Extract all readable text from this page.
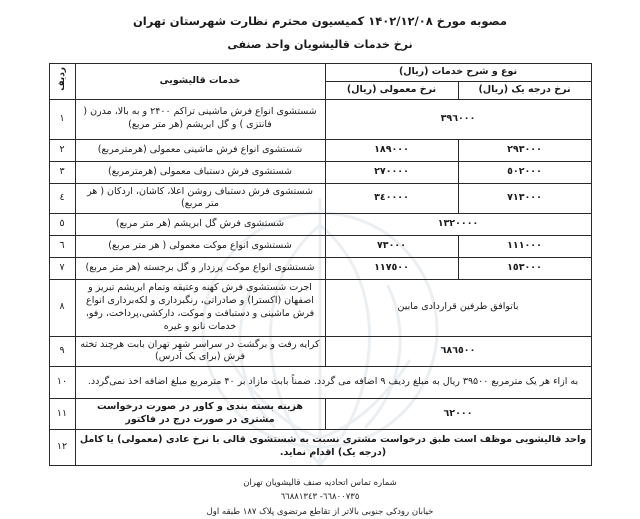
مصوبه مورخ ۱۴۰۲/۱۲/۰۸ کمیسیون محترم نظارت شهرستان تهران
نرخ خدمات قالیشویان واحد صنفی
نوع و شرح خدمات (ریال)		خدمات قالیشویی	ردیف
نرخ درجه یک (ریال)	نرخ معمولی (ریال)		
٣٩٦٠٠٠		شستشوی انواع فرش ماشینی تراکم ۲۴۰۰ و به بالا، مدرن ( فانتزی ) و گل ابریشم (هر متر مربع)	١
٢٩٣٠٠٠	١٨٩٠٠٠	شستشوی انواع فرش ماشینی معمولی (هرمترمربع)	٢
٥٠٢٠٠٠	٢٧٠٠٠٠	شستشوی فرش دستباف معمولی (هرمترمربع)	٣
٧١٣٠٠٠	٣٤٠٠٠٠	شستشوی فرش دستباف روشن اعلا، کاشان، اردکان ( هر متر مربع)	٤
١٣٢٠٠٠٠		شستشوی فرش گل ابریشم (هر متر مربع)	٥
١١١٠٠٠	٧٣٠٠٠	شستشوی انواع موکت معمولی ( هر متر مربع)	٦
١٥٣٠٠٠	١١٧٥٠٠	شستشوی انواع موکت پرزدار و گل برجسته (هر متر مربع)	٧
باتوافق طرفین قراردادی مابین		اجرت شستشوی فرش کهنه وعتیقه وتمام ابریشم تبریز و اصفهان (اکسترا) و صادراتی، رنگبرداری و لکه‌برداری انواع فرش ماشینی و دستبافت و موکت، دارکشی،پرداخت، رفو، خدمات نانو و غیره	٨
٦٨٦٥٠٠		کرایه رفت و برگشت در سراسر شهر تهران بابت هرچند تخته فرش (برای یک آدرس)	٩
به ازاء هر یک مترمربع ۳۹۵۰۰ ریال به مبلغ ردیف ۹ اضافه می گردد. ضمناً بابت مازاد بر ۴۰ مترمربع مبلغ اضافه اخذ نمی‌گردد.			١٠
٦٢٠٠٠		هزینه بسته بندی و کاور در صورت درخواست مشتری در صورت درج در فاکتور	١١
واحد قالیشویی موظف است طبق درخواست مشتری نسبت به شستشوی قالی با نرخ عادی (معمولی) یا کامل (درجه یک) اقدام نماید.			١٢
شماره تماس اتحادیه صنف قالیشویان تهران
٦٦٨٠٠٧٣٥- ٦٦٨٨١٣٤٣
خیابان رودکی جنوبی بالاتر از تقاطع مرتضوی پلاک ١٨٧ طبقه اول
